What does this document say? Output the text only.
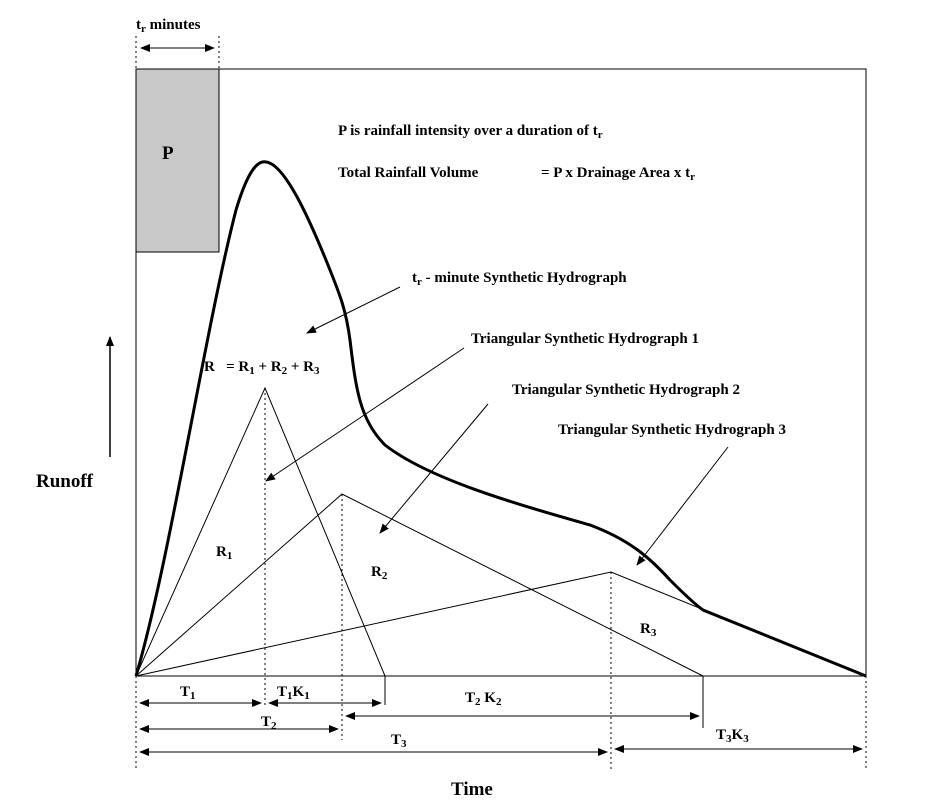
P
$t_r$ minutes
P is rainfall intensity over a duration of $t_r$
Total Rainfall Volume	= P x Drainage Area x $t_r$
$t_r$ - minute Synthetic Hydrograph
Triangular Synthetic Hydrograph 1
Triangular Synthetic Hydrograph 2
Triangular Synthetic Hydrograph 3
$R = R_1 + R_2 + R_3$
$R_1$
$R_2$
$R_3$
$T_1$	$T_1K_1$	$T_2$ $K_2$
$T_2$
$T_3$
$T_3K_3$
Runoff
Time
